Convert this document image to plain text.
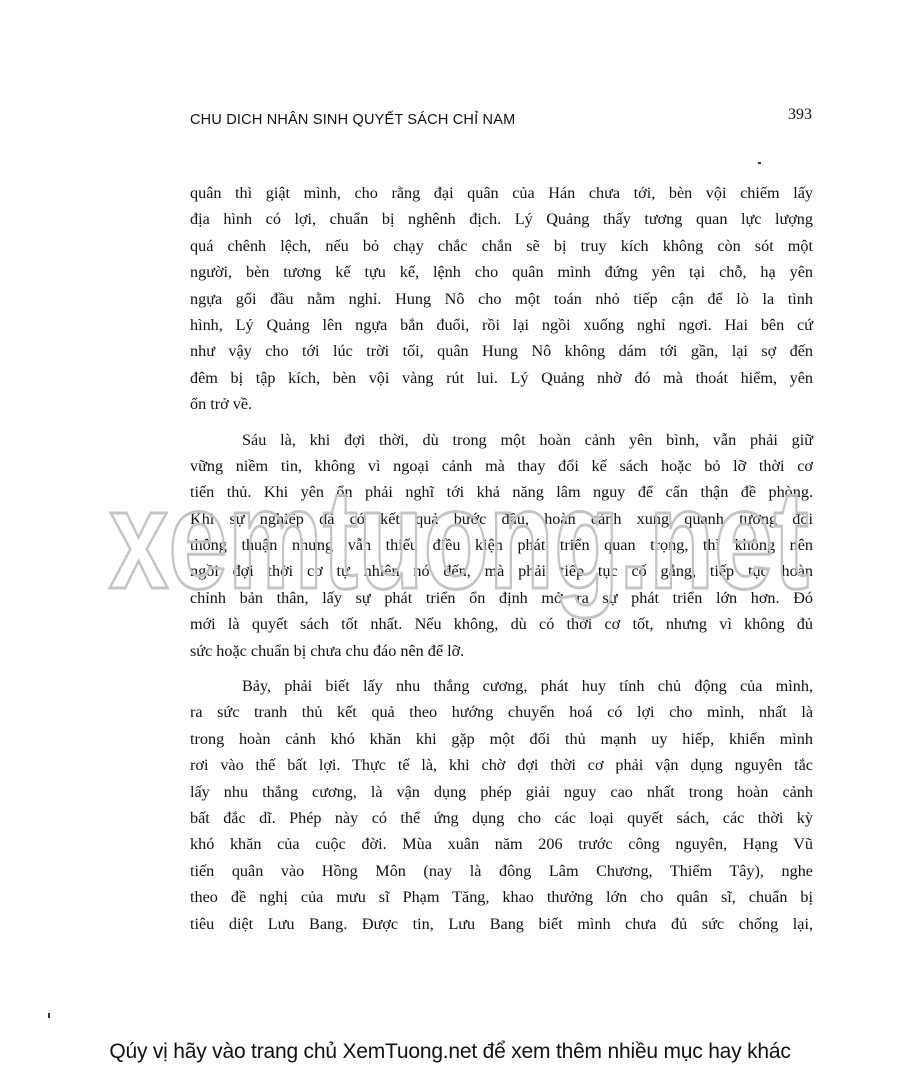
CHU DICH NHÂN SINH QUYẾT SÁCH CHỈ NAM	393

quân thì giật mình, cho rằng đại quân của Hán chưa tới, bèn vội chiếm lấy
địa hình có lợi, chuẩn bị nghênh địch. Lý Quảng thấy tương quan lực lượng
quá chênh lệch, nếu bỏ chạy chắc chắn sẽ bị truy kích không còn sót một
người, bèn tương kế tựu kế, lệnh cho quân mình đứng yên tại chỗ, hạ yên
ngựa gối đầu nằm nghỉ. Hung Nô cho một toán nhỏ tiếp cận để lò la tình
hình, Lý Quảng lên ngựa bắn đuổi, rồi lại ngồi xuống nghỉ ngơi. Hai bên cứ
như vậy cho tới lúc trời tối, quân Hung Nô không dám tới gần, lại sợ đến
đêm bị tập kích, bèn vội vàng rút lui. Lý Quảng nhờ đó mà thoát hiểm, yên
ổn trở về.

Sáu là, khi đợi thời, dù trong một hoàn cảnh yên bình, vẫn phải giữ
vững niềm tin, không vì ngoại cảnh mà thay đổi kế sách hoặc bỏ lỡ thời cơ
tiến thủ. Khi yên ổn phải nghĩ tới khả năng lâm nguy để cẩn thận đề phòng.
Khi sự nghiệp đã có kết quả bước đầu, hoàn cảnh xung quanh tương đối
thông thuận nhưng vẫn thiếu điều kiện phát triển quan trọng, thì không nên
ngồi đợi thời cơ tự nhiên nó đến, mà phải tiếp tục cố gắng, tiếp tục hoàn
chỉnh bản thân, lấy sự phát triển ổn định mở ra sự phát triển lớn hơn. Đó
mới là quyết sách tốt nhất. Nếu không, dù có thời cơ tốt, nhưng vì không đủ
sức hoặc chuẩn bị chưa chu đáo nên để lỡ.

Bảy, phải biết lấy nhu thắng cương, phát huy tính chủ động của mình,
ra sức tranh thủ kết quả theo hướng chuyển hoá có lợi cho mình, nhất là
trong hoàn cảnh khó khăn khi gặp một đối thủ mạnh uy hiếp, khiến mình
rơi vào thế bất lợi. Thực tế là, khi chờ đợi thời cơ phải vận dụng nguyên tắc
lấy nhu thắng cương, là vận dụng phép giải nguy cao nhất trong hoàn cảnh
bất đắc dĩ. Phép này có thể ứng dụng cho các loại quyết sách, các thời kỳ
khó khăn của cuộc đời. Mùa xuân năm 206 trước công nguyên, Hạng Vũ
tiến quân vào Hồng Môn (nay là đông Lâm Chương, Thiểm Tây), nghe
theo đề nghị của mưu sĩ Phạm Tăng, khao thưởng lớn cho quân sĩ, chuẩn bị
tiêu diệt Lưu Bang. Được tin, Lưu Bang biết mình chưa đủ sức chống lại,

xemtuong.net
Qúy vị hãy vào trang chủ XemTuong.net để xem thêm nhiều mục hay khác
